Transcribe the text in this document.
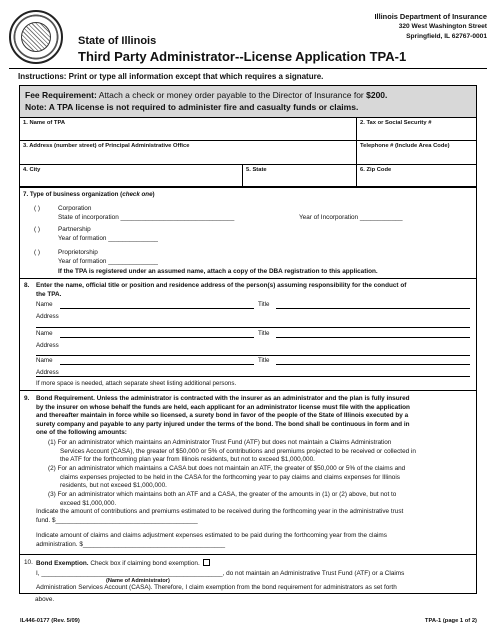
State of Illinois
Third Party Administrator--License Application TPA-1
Illinois Department of Insurance
320 West Washington Street
Springfield, IL 62767-0001
Instructions: Print or type all information except that which requires a signature.
Fee Requirement: Attach a check or money order payable to the Director of Insurance for $200.
Note: A TPA license is not required to administer fire and casualty funds or claims.
1. Name of TPA	2. Tax or Social Security #
3. Address (number street) of Principal Administrative Office	Telephone # (Include Area Code)
4. City	5. State	6. Zip Code
7. Type of business organization (check one)
( )	Corporation
State of incorporation ________________________________	Year of Incorporation ____________
( )	Partnership
Year of formation ______________
( )	Proprietorship
Year of formation ______________
If the TPA is registered under an assumed name, attach a copy of the DBA registration to this application.
8. Enter the name, official title or position and residence address of the person(s) assuming responsibility for the conduct of
the TPA.
Name	Title
Address
Name	Title
Address
Name	Title
Address
If more space is needed, attach separate sheet listing additional persons.
9. Bond Requirement. Unless the administrator is contracted with the insurer as an administrator and the plan is fully insured
by the insurer on whose behalf the funds are held, each applicant for an administrator license must file with the application
and thereafter maintain in force while so licensed, a surety bond in favor of the people of the State of Illinois executed by a
surety company and payable to any party injured under the terms of the bond. The bond shall be continuous in form and in
one of the following amounts:
(1) For an administrator which maintains an Administrator Trust Fund (ATF) but does not maintain a Claims Administration
Services Account (CASA), the greater of $50,000 or 5% of contributions and premiums projected to be received or collected in
the ATF for the forthcoming plan year from Illinois residents, but not to exceed $1,000,000.
(2) For an administrator which maintains a CASA but does not maintain an ATF, the greater of $50,000 or 5% of the claims and
claims expenses projected to be held in the CASA for the forthcoming year to pay claims and claims expenses for Illinois
residents, but not exceed $1,000,000.
(3) For an administrator which maintains both an ATF and a CASA, the greater of the amounts in (1) or (2) above, but not to
exceed $1,000,000.
Indicate the amount of contributions and premiums estimated to be received during the forthcoming year in the administrative trust
fund. $________________________________________
Indicate amount of claims and claims adjustment expenses estimated to be paid during the forthcoming year from the claims
administration. $________________________________________
10. Bond Exemption. Check box if claiming bond exemption.
I, ___________________________________________________, do not maintain an Administrative Trust Fund (ATF) or a Claims
(Name of Administrator)
Administration Services Account (CASA). Therefore, I claim exemption from the bond requirement for administrators as set forth
above.
IL446-0177 (Rev. 5/09)	TPA-1 (page 1 of 2)
